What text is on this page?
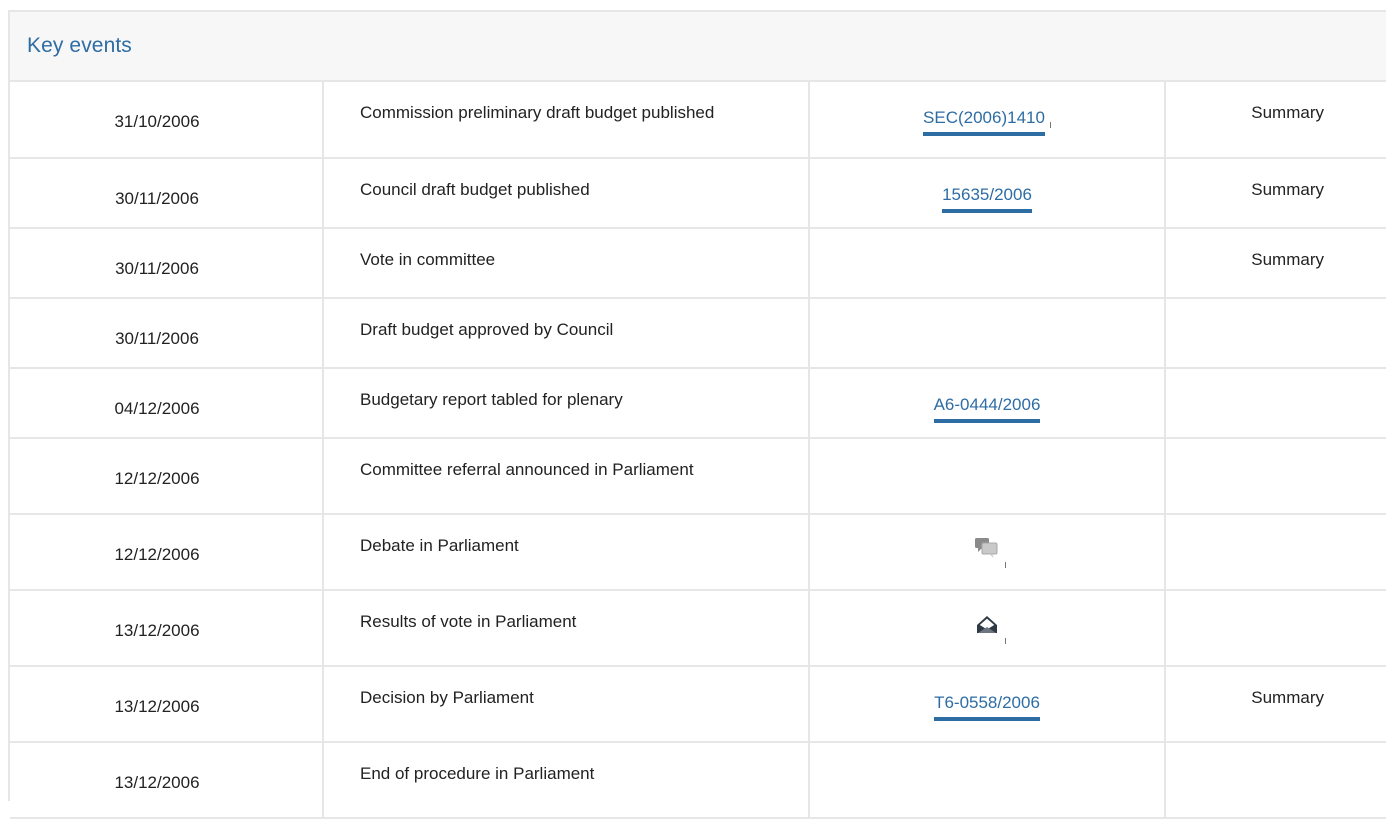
Key events
31/10/2006	Commission preliminary draft budget published	SEC(2006)1410	Summary
30/11/2006	Council draft budget published	15635/2006	Summary
30/11/2006	Vote in committee		Summary
30/11/2006	Draft budget approved by Council		
04/12/2006	Budgetary report tabled for plenary	A6-0444/2006	
12/12/2006	Committee referral announced in Parliament		
12/12/2006	Debate in Parliament	

13/12/2006	Results of vote in Parliament	

13/12/2006	Decision by Parliament	T6-0558/2006	Summary
13/12/2006	End of procedure in Parliament		
